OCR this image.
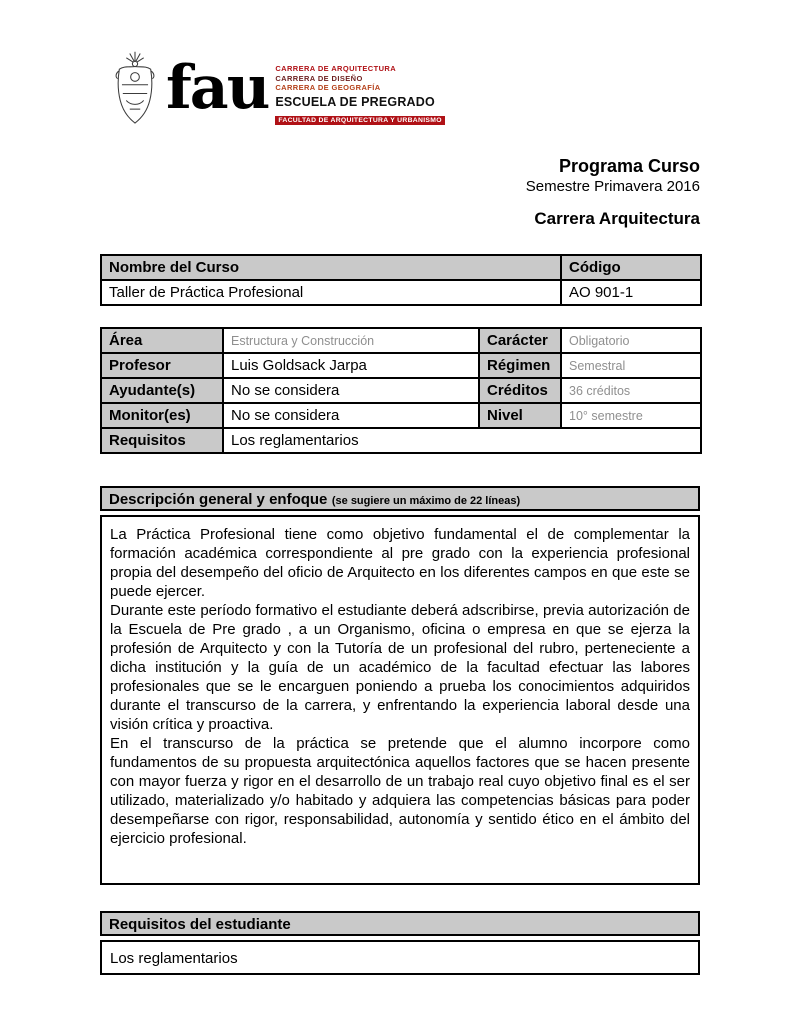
fau CARRERA DE ARQUITECTURA
CARRERA DE DISEÑO
CARRERA DE GEOGRAFÍA
ESCUELA DE PREGRADO
FACULTAD DE ARQUITECTURA Y URBANISMO
Programa Curso
Semestre Primavera 2016
Carrera Arquitectura
Nombre del Curso	Código
Taller de Práctica Profesional	AO 901-1
Área	Estructura y Construcción	Carácter	Obligatorio
Profesor	Luis Goldsack Jarpa	Régimen	Semestral
Ayudante(s)	No se considera	Créditos	36 créditos
Monitor(es)	No se considera	Nivel	10° semestre
Requisitos	Los reglamentarios		
Descripción general y enfoque (se sugiere un máximo de 22 líneas)

La Práctica Profesional tiene como objetivo fundamental el de complementar la formación académica correspondiente al pre grado con la experiencia profesional propia del desempeño del oficio de Arquitecto en los diferentes campos en que este se puede ejercer.

Durante este período formativo el estudiante deberá adscribirse, previa autorización de la Escuela de Pre grado , a un Organismo, oficina o empresa en que se ejerza la profesión de Arquitecto y con la Tutoría de un profesional del rubro, perteneciente a dicha institución y la guía de un académico de la facultad efectuar las labores profesionales que se le encarguen poniendo a prueba los conocimientos adquiridos durante el transcurso de la carrera, y enfrentando la experiencia laboral desde una visión crítica y proactiva.

En el transcurso de la práctica se pretende que el alumno incorpore como fundamentos de su propuesta arquitectónica aquellos factores que se hacen presente con mayor fuerza y rigor en el desarrollo de un trabajo real cuyo objetivo final es el ser utilizado, materializado y/o habitado y adquiera las competencias básicas para poder desempeñarse con rigor, responsabilidad, autonomía y sentido ético en el ámbito del ejercicio profesional.

Requisitos del estudiante
Los reglamentarios
